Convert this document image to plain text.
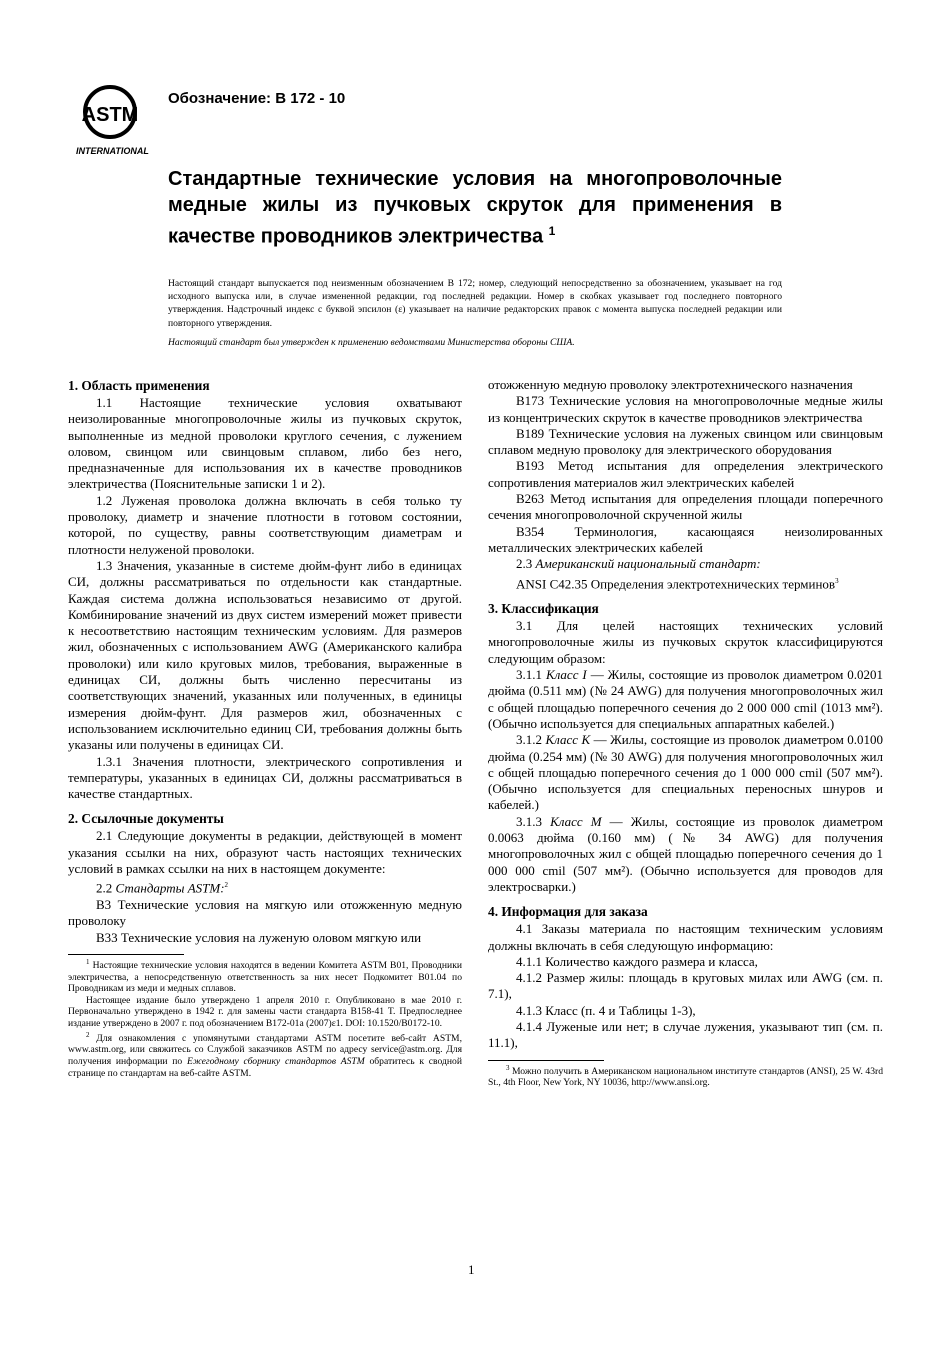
ASTM
INTERNATIONAL
Обозначение: B 172 - 10
Стандартные технические условия на многопроволочные медные жилы из пучковых скруток для применения в качестве проводников электричества $^1$
Настоящий стандарт выпускается под неизменным обозначением B 172; номер, следующий непосредственно за обозначением, указывает на год исходного выпуска или, в случае измененной редакции, год последней редакции. Номер в скобках указывает год последнего повторного утверждения. Надстрочный индекс с буквой эпсилон (ε) указывает на наличие редакторских правок с момента выпуска последней редакции или повторного утверждения.
Настоящий стандарт был утвержден к применению ведомствами Министерства обороны США.
1. Область применения

1.1 Настоящие технические условия охватывают неизолированные многопроволочные жилы из пучковых скруток, выполненные из медной проволоки круглого сечения, с лужением оловом, свинцом или свинцовым сплавом, либо без него, предназначенные для использования их в качестве проводников электричества (Пояснительные записки 1 и 2).

1.2 Луженая проволока должна включать в себя только ту проволоку, диаметр и значение плотности в готовом состоянии, которой, по существу, равны соответствующим диаметрам и плотности нелуженой проволоки.

1.3 Значения, указанные в системе дюйм-фунт либо в единицах СИ, должны рассматриваться по отдельности как стандартные. Каждая система должна использоваться независимо от другой. Комбинирование значений из двух систем измерений может привести к несоответствию настоящим техническим условиям. Для размеров жил, обозначенных с использованием AWG (Американского калибра проволоки) или кило круговых милов, требования, выраженные в единицах СИ, должны быть численно пересчитаны из соответствующих значений, указанных или полученных, в единицы измерения дюйм-фунт. Для размеров жил, обозначенных с использованием исключительно единиц СИ, требования должны быть указаны или получены в единицах СИ.

1.3.1 Значения плотности, электрического сопротивления и температуры, указанных в единицах СИ, должны рассматриваться в качестве стандартных.

2. Ссылочные документы

2.1 Следующие документы в редакции, действующей в момент указания ссылки на них, образуют часть настоящих технических условий в рамках ссылки на них в настоящем документе:

2.2 Стандарты ASTM:$^2$

B3 Технические условия на мягкую или отожженную медную проволоку

B33 Технические условия на луженую оловом мягкую или

$^1$ Настоящие технические условия находятся в ведении Комитета ASTM B01, Проводники электричества, а непосредственную ответственность за них несет Подкомитет B01.04 по Проводникам из меди и медных сплавов.

Настоящее издание было утверждено 1 апреля 2010 г. Опубликовано в мае 2010 г. Первоначально утверждено в 1942 г. для замены части стандарта B158-41 T. Предпоследнее издание утверждено в 2007 г. под обозначением B172-01a (2007)ε1. DOI: 10.1520/B0172-10.

$^2$ Для ознакомления с упомянутыми стандартами ASTM посетите веб-сайт ASTM, www.astm.org, или свяжитесь со Службой заказчиков ASTM по адресу service@astm.org. Для получения информации по Ежегодному сборнику стандартов ASTM обратитесь к сводной странице по стандартам на веб-сайте ASTM.

отожженную медную проволоку электротехнического назначения

B173 Технические условия на многопроволочные медные жилы из концентрических скруток в качестве проводников электричества

B189 Технические условия на луженых свинцом или свинцовым сплавом медную проволоку для электрического оборудования

B193 Метод испытания для определения электрического сопротивления материалов жил электрических кабелей

B263 Метод испытания для определения площади поперечного сечения многопроволочной скрученной жилы

B354 Терминология, касающаяся неизолированных металлических электрических кабелей

2.3 Американский национальный стандарт:

ANSI C42.35 Определения электротехнических терминов$^3$

3. Классификация

3.1 Для целей настоящих технических условий многопроволочные жилы из пучковых скруток классифицируются следующим образом:

3.1.1 Класс I — Жилы, состоящие из проволок диаметром 0.0201 дюйма (0.511 мм) (№ 24 AWG) для получения многопроволочных жил с общей площадью поперечного сечения до 2 000 000 cmil (1013 мм²). (Обычно используется для специальных аппаратных кабелей.)

3.1.2 Класс K — Жилы, состоящие из проволок диаметром 0.0100 дюйма (0.254 мм) (№ 30 AWG) для получения многопроволочных жил с общей площадью поперечного сечения до 1 000 000 cmil (507 мм²). (Обычно используется для специальных переносных шнуров и кабелей.)

3.1.3 Класс M — Жилы, состоящие из проволок диаметром 0.0063 дюйма (0.160 мм) (№ 34 AWG) для получения многопроволочных жил с общей площадью поперечного сечения до 1 000 000 cmil (507 мм²). (Обычно используется для проводов для электросварки.)

4. Информация для заказа

4.1 Заказы материала по настоящим техническим условиям должны включать в себя следующую информацию:

4.1.1 Количество каждого размера и класса,

4.1.2 Размер жилы: площадь в круговых милах или AWG (см. п. 7.1),

4.1.3 Класс (п. 4 и Таблицы 1-3),

4.1.4 Луженые или нет; в случае лужения, указывают тип (см. п. 11.1),

$^3$ Можно получить в Американском национальном институте стандартов (ANSI), 25 W. 43rd St., 4th Floor, New York, NY 10036, http://www.ansi.org.

1
